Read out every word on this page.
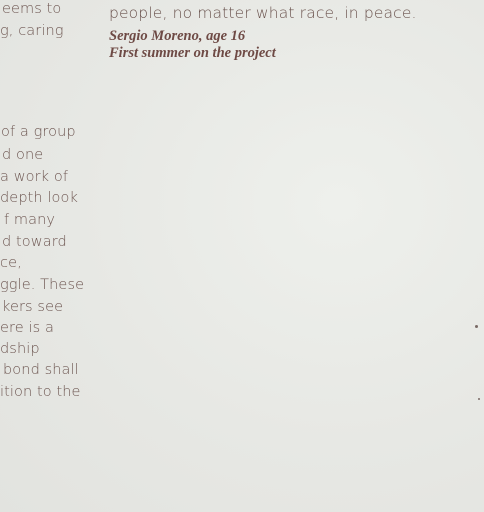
eems to
g, caring
of a group
d one
a work of
depth look
f many
d toward
ce,
ggle. These
kers see
ere is a
dship
bond shall
ition to the
people, no matter what race, in peace.
Sergio Moreno, age 16
First summer on the project
